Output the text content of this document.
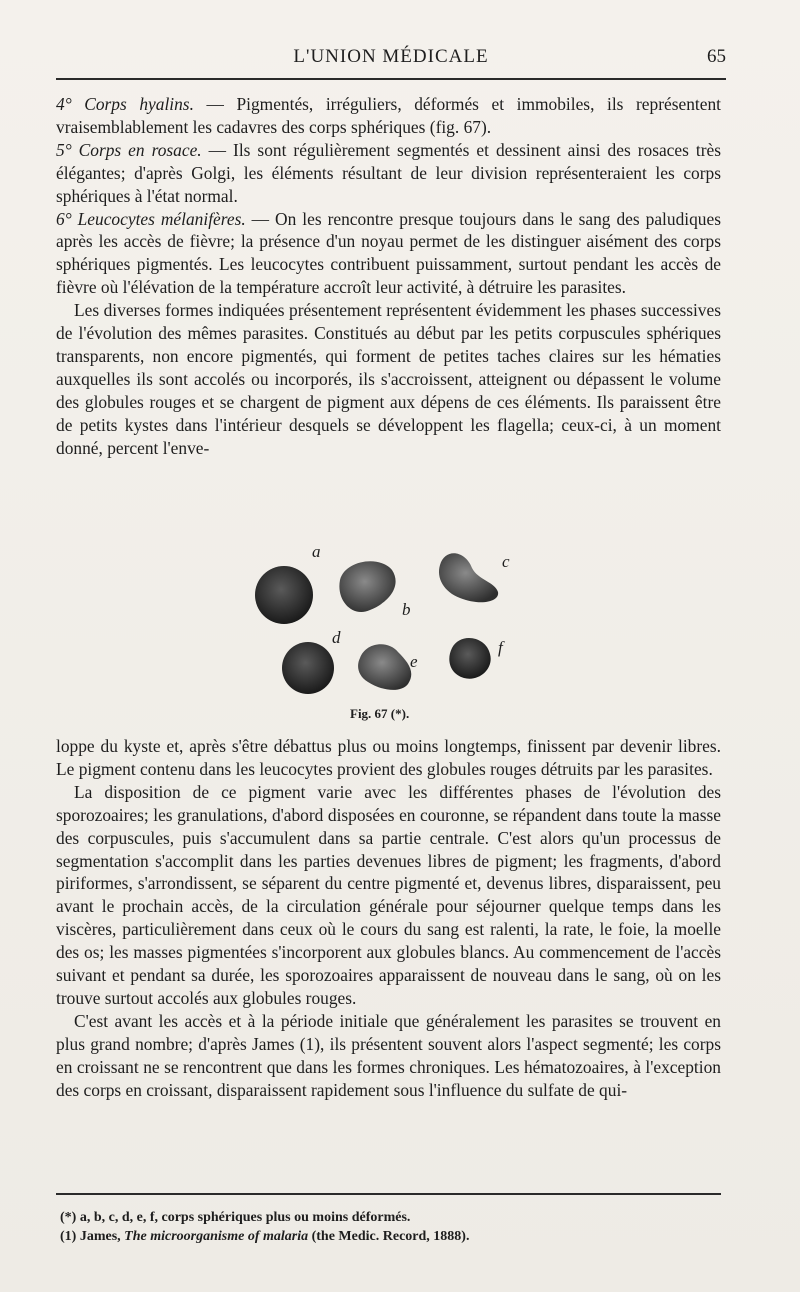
L'UNION MÉDICALE	65

4° Corps hyalins. — Pigmentés, irréguliers, déformés et immobiles, ils représentent vraisemblablement les cadavres des corps sphériques (fig. 67).

5° Corps en rosace. — Ils sont régulièrement segmentés et dessinent ainsi des rosaces très élégantes; d'après Golgi, les éléments résultant de leur division représenteraient les corps sphériques à l'état normal.

6° Leucocytes mélanifères. — On les rencontre presque toujours dans le sang des paludiques après les accès de fièvre; la présence d'un noyau permet de les distinguer aisément des corps sphériques pigmentés. Les leucocytes contribuent puissamment, surtout pendant les accès de fièvre où l'élévation de la température accroît leur activité, à détruire les parasites.

Les diverses formes indiquées présentement représentent évidemment les phases successives de l'évolution des mêmes parasites. Constitués au début par les petits corpuscules sphériques transparents, non encore pigmentés, qui forment de petites taches claires sur les hématies auxquelles ils sont accolés ou incorporés, ils s'accroissent, atteignent ou dépassent le volume des globules rouges et se chargent de pigment aux dépens de ces éléments. Ils paraissent être de petits kystes dans l'intérieur desquels se développent les flagella; ceux-ci, à un moment donné, percent l'enve-

a
b
c
d
e
f
Fig. 67 (*).

loppe du kyste et, après s'être débattus plus ou moins longtemps, finissent par devenir libres. Le pigment contenu dans les leucocytes provient des globules rouges détruits par les parasites.

La disposition de ce pigment varie avec les différentes phases de l'évolution des sporozoaires; les granulations, d'abord disposées en couronne, se répandent dans toute la masse des corpuscules, puis s'accumulent dans sa partie centrale. C'est alors qu'un processus de segmentation s'accomplit dans les parties devenues libres de pigment; les fragments, d'abord piriformes, s'arrondissent, se séparent du centre pigmenté et, devenus libres, disparaissent, peu avant le prochain accès, de la circulation générale pour séjourner quelque temps dans les viscères, particulièrement dans ceux où le cours du sang est ralenti, la rate, le foie, la moelle des os; les masses pigmentées s'incorporent aux globules blancs. Au commencement de l'accès suivant et pendant sa durée, les sporozoaires apparaissent de nouveau dans le sang, où on les trouve surtout accolés aux globules rouges.

C'est avant les accès et à la période initiale que généralement les parasites se trouvent en plus grand nombre; d'après James (1), ils présentent souvent alors l'aspect segmenté; les corps en croissant ne se rencontrent que dans les formes chroniques. Les hématozoaires, à l'exception des corps en croissant, disparaissent rapidement sous l'influence du sulfate de qui-

(*) a, b, c, d, e, f, corps sphériques plus ou moins déformés.

(1) James, The microorganisme of malaria (the Medic. Record, 1888).
